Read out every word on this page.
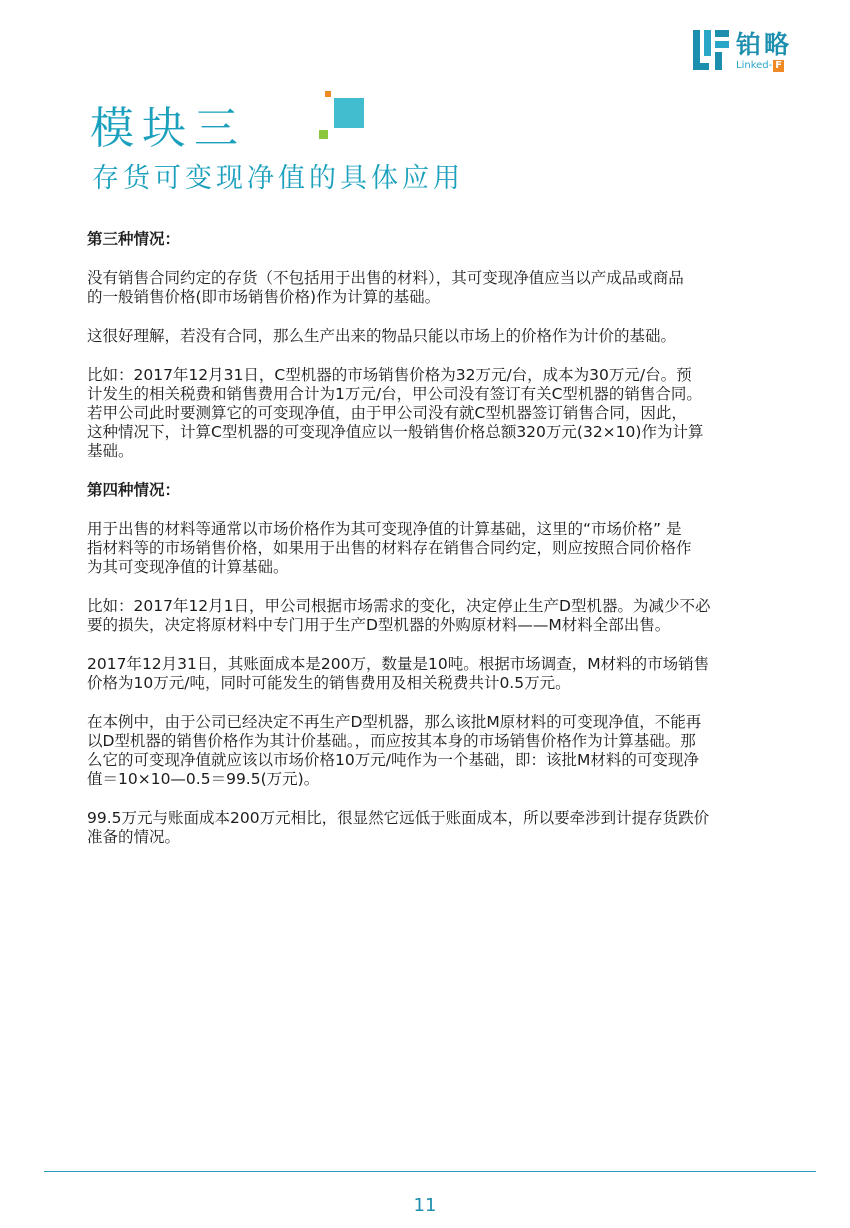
铂略
Linked- F
模块三
存货可变现净值的具体应用
第三种情况：

没有销售合同约定的存货（不包括用于出售的材料），其可变现净值应当以产成品或商品
的一般销售价格(即市场销售价格)作为计算的基础。

这很好理解，若没有合同，那么生产出来的物品只能以市场上的价格作为计价的基础。

比如：2017年12月31日，C型机器的市场销售价格为32万元/台，成本为30万元/台。预
计发生的相关税费和销售费用合计为1万元/台，甲公司没有签订有关C型机器的销售合同。
若甲公司此时要测算它的可变现净值，由于甲公司没有就C型机器签订销售合同，因此，
这种情况下，计算C型机器的可变现净值应以一般销售价格总额320万元(32×10)作为计算
基础。

第四种情况：

用于出售的材料等通常以市场价格作为其可变现净值的计算基础，这里的“市场价格” 是
指材料等的市场销售价格，如果用于出售的材料存在销售合同约定，则应按照合同价格作
为其可变现净值的计算基础。

比如：2017年12月1日，甲公司根据市场需求的变化，决定停止生产D型机器。为减少不必
要的损失，决定将原材料中专门用于生产D型机器的外购原材料——M材料全部出售。

2017年12月31日，其账面成本是200万，数量是10吨。根据市场调查，M材料的市场销售
价格为10万元/吨，同时可能发生的销售费用及相关税费共计0.5万元。

在本例中，由于公司已经决定不再生产D型机器，那么该批M原材料的可变现净值，不能再
以D型机器的销售价格作为其计价基础。，而应按其本身的市场销售价格作为计算基础。那
么它的可变现净值就应该以市场价格10万元/吨作为一个基础，即：该批M材料的可变现净
值＝10×10—0.5＝99.5(万元)。

99.5万元与账面成本200万元相比，很显然它远低于账面成本，所以要牵涉到计提存货跌价
准备的情况。

11
